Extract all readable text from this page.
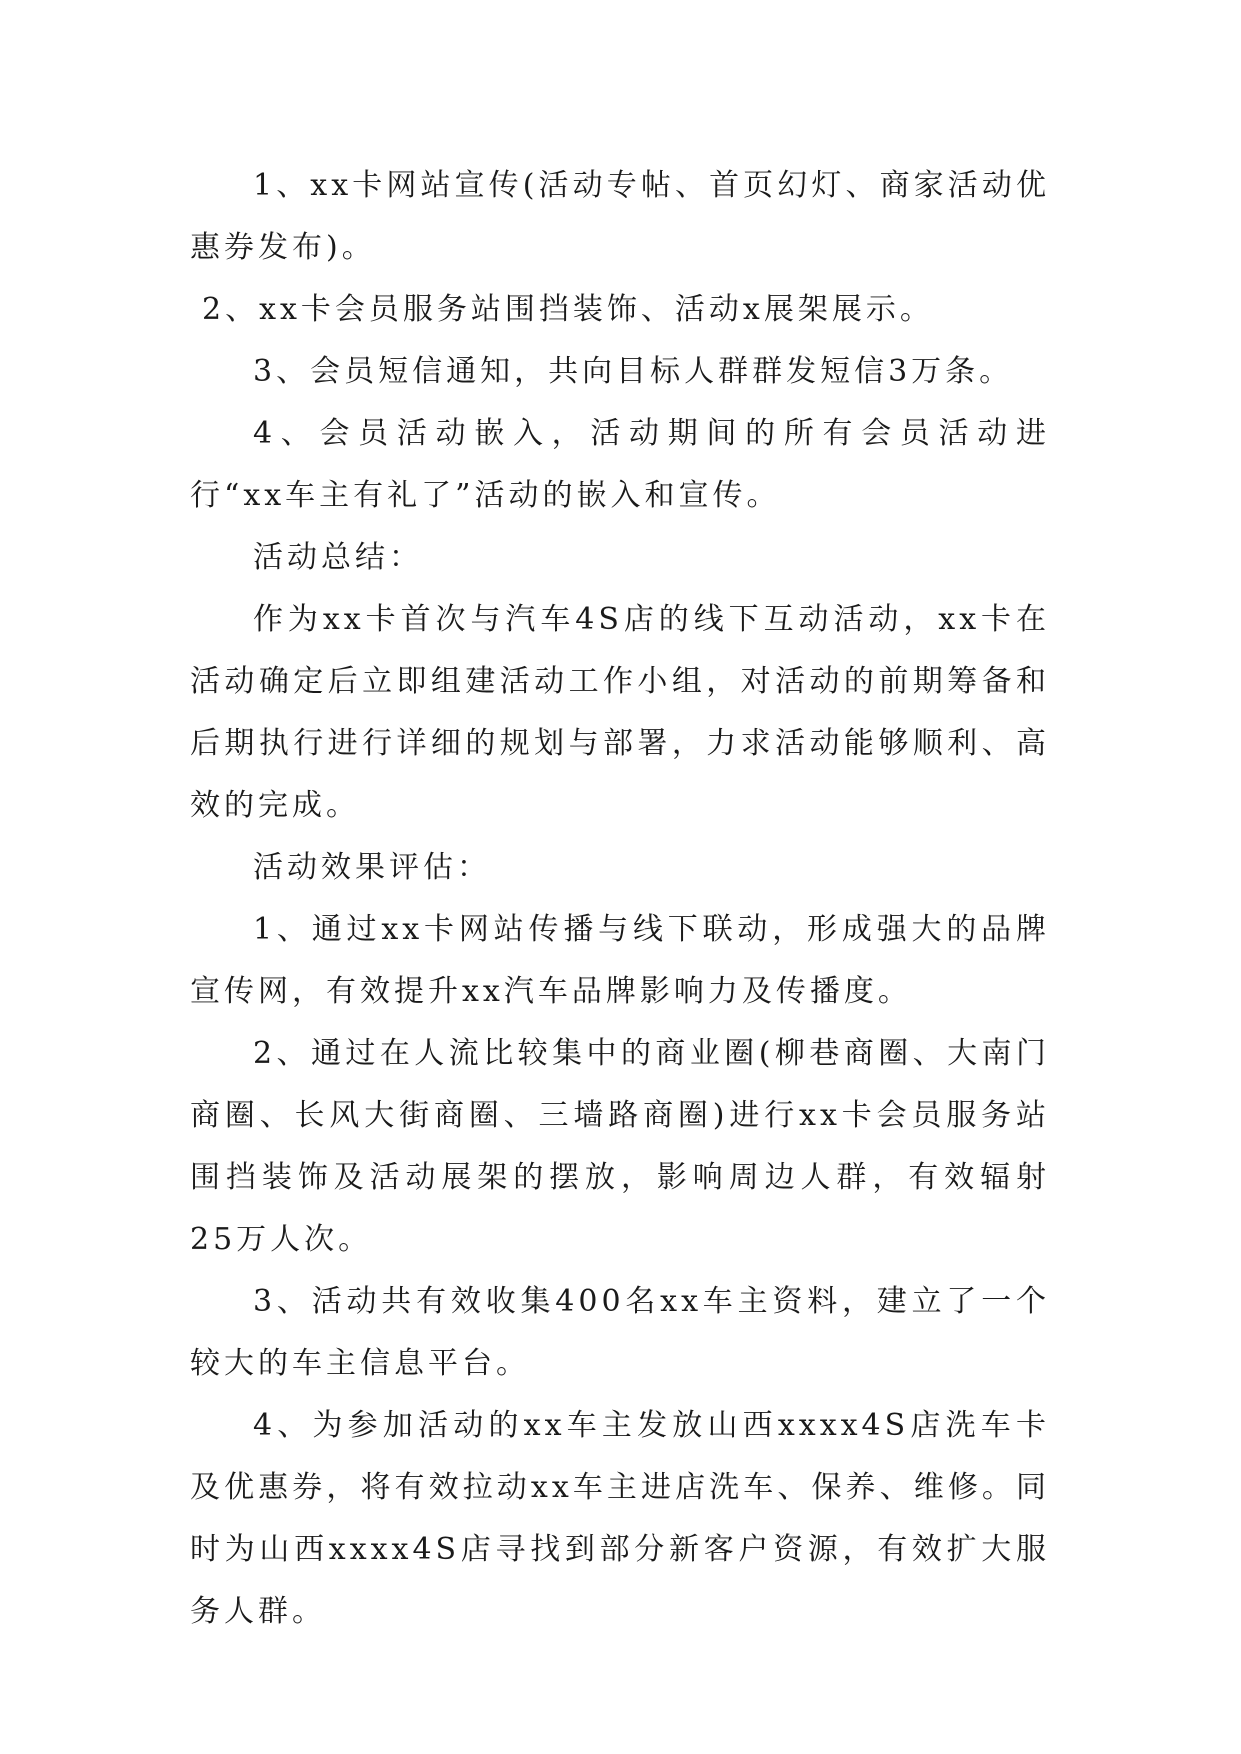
1、xx卡网站宣传(活动专帖、首页幻灯、商家活动优惠券发布)。

2、xx卡会员服务站围挡装饰、活动x展架展示。

3、会员短信通知，共向目标人群群发短信3万条。

4、会员活动嵌入，活动期间的所有会员活动进行“xx车主有礼了”活动的嵌入和宣传。

活动总结：

作为xx卡首次与汽车4S店的线下互动活动，xx卡在活动确定后立即组建活动工作小组，对活动的前期筹备和后期执行进行详细的规划与部署，力求活动能够顺利、高效的完成。

活动效果评估：

1、通过xx卡网站传播与线下联动，形成强大的品牌宣传网，有效提升xx汽车品牌影响力及传播度。

2、通过在人流比较集中的商业圈(柳巷商圈、大南门商圈、长风大街商圈、三墙路商圈)进行xx卡会员服务站围挡装饰及活动展架的摆放，影响周边人群，有效辐射25万人次。

3、活动共有效收集400名xx车主资料，建立了一个较大的车主信息平台。

4、为参加活动的xx车主发放山西xxxx4S店洗车卡及优惠券，将有效拉动xx车主进店洗车、保养、维修。同时为山西xxxx4S店寻找到部分新客户资源，有效扩大服务人群。
